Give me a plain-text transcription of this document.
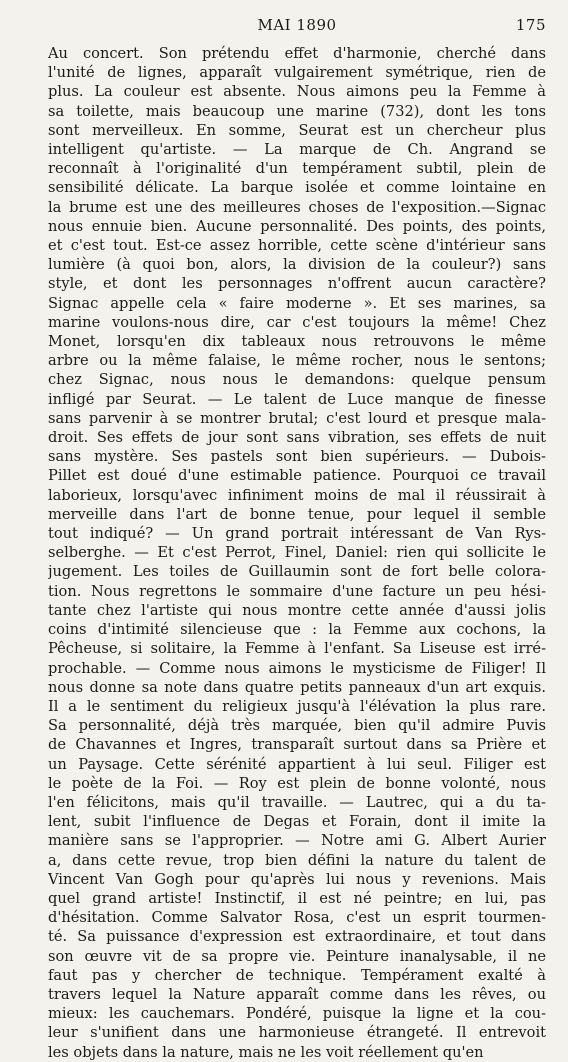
MAI 1890	175
Au concert. Son prétendu effet d'harmonie, cherché dans
l'unité de lignes, apparaît vulgairement symétrique, rien de
plus. La couleur est absente. Nous aimons peu la Femme à
sa toilette, mais beaucoup une marine (732), dont les tons
sont merveilleux. En somme, Seurat est un chercheur plus
intelligent qu'artiste. — La marque de Ch. Angrand se
reconnaît à l'originalité d'un tempérament subtil, plein de
sensibilité délicate. La barque isolée et comme lointaine en
la brume est une des meilleures choses de l'exposition.—Signac
nous ennuie bien. Aucune personnalité. Des points, des points,
et c'est tout. Est-ce assez horrible, cette scène d'intérieur sans
lumière (à quoi bon, alors, la division de la couleur?) sans
style, et dont les personnages n'offrent aucun caractère?
Signac appelle cela « faire moderne ». Et ses marines, sa
marine voulons-nous dire, car c'est toujours la même! Chez
Monet, lorsqu'en dix tableaux nous retrouvons le même
arbre ou la même falaise, le même rocher, nous le sentons;
chez Signac, nous nous le demandons: quelque pensum
infligé par Seurat. — Le talent de Luce manque de finesse
sans parvenir à se montrer brutal; c'est lourd et presque mala-
droit. Ses effets de jour sont sans vibration, ses effets de nuit
sans mystère. Ses pastels sont bien supérieurs. — Dubois-
Pillet est doué d'une estimable patience. Pourquoi ce travail
laborieux, lorsqu'avec infiniment moins de mal il réussirait à
merveille dans l'art de bonne tenue, pour lequel il semble
tout indiqué? — Un grand portrait intéressant de Van Rys-
selberghe. — Et c'est Perrot, Finel, Daniel: rien qui sollicite le
jugement. Les toiles de Guillaumin sont de fort belle colora-
tion. Nous regrettons le sommaire d'une facture un peu hési-
tante chez l'artiste qui nous montre cette année d'aussi jolis
coins d'intimité silencieuse que : la Femme aux cochons, la
Pêcheuse, si solitaire, la Femme à l'enfant. Sa Liseuse est irré-
prochable. — Comme nous aimons le mysticisme de Filiger! Il
nous donne sa note dans quatre petits panneaux d'un art exquis.
Il a le sentiment du religieux jusqu'à l'élévation la plus rare.
Sa personnalité, déjà très marquée, bien qu'il admire Puvis
de Chavannes et Ingres, transparaît surtout dans sa Prière et
un Paysage. Cette sérénité appartient à lui seul. Filiger est
le poète de la Foi. — Roy est plein de bonne volonté, nous
l'en félicitons, mais qu'il travaille. — Lautrec, qui a du ta-
lent, subit l'influence de Degas et Forain, dont il imite la
manière sans se l'approprier. — Notre ami G. Albert Aurier
a, dans cette revue, trop bien défini la nature du talent de
Vincent Van Gogh pour qu'après lui nous y revenions. Mais
quel grand artiste! Instinctif, il est né peintre; en lui, pas
d'hésitation. Comme Salvator Rosa, c'est un esprit tourmen-
té. Sa puissance d'expression est extraordinaire, et tout dans
son œuvre vit de sa propre vie. Peinture inanalysable, il ne
faut pas y chercher de technique. Tempérament exalté à
travers lequel la Nature apparaît comme dans les rêves, ou
mieux: les cauchemars. Pondéré, puisque la ligne et la cou-
leur s'unifient dans une harmonieuse étrangeté. Il entrevoit
les objets dans la nature, mais ne les voit réellement qu'en
